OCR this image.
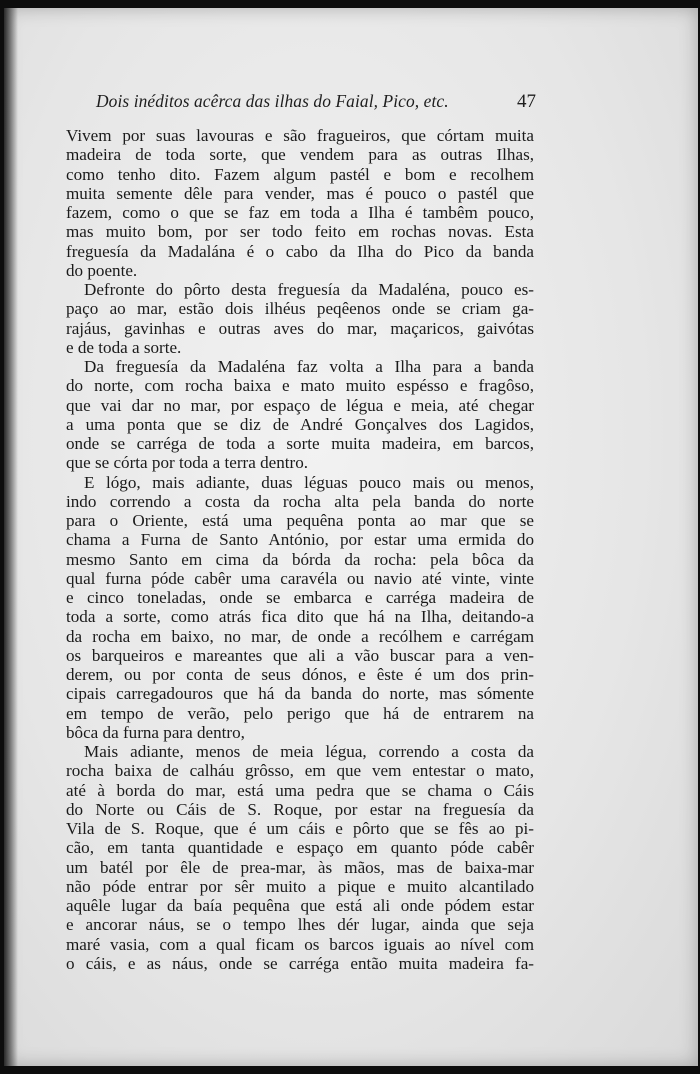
Dois inéditos acêrca das ilhas do Faial, Pico, etc.	47
Vivem por suas lavouras e são fragueiros, que córtam muita
madeira de toda sorte, que vendem para as outras Ilhas,
como tenho dito. Fazem algum pastél e bom e recolhem
muita semente dêle para vender, mas é pouco o pastél que
fazem, como o que se faz em toda a Ilha é tambêm pouco,
mas muito bom, por ser todo feito em rochas novas. Esta
freguesía da Madalána é o cabo da Ilha do Pico da banda
do poente.
Defronte do pôrto desta freguesía da Madaléna, pouco es-
paço ao mar, estão dois ilhéus peqêenos onde se criam ga-
rajáus, gavinhas e outras aves do mar, maçaricos, gaivótas
e de toda a sorte.
Da freguesía da Madaléna faz volta a Ilha para a banda
do norte, com rocha baixa e mato muito espésso e fragôso,
que vai dar no mar, por espaço de légua e meia, até chegar
a uma ponta que se diz de André Gonçalves dos Lagidos,
onde se carréga de toda a sorte muita madeira, em barcos,
que se córta por toda a terra dentro.
E lógo, mais adiante, duas léguas pouco mais ou menos,
indo correndo a costa da rocha alta pela banda do norte
para o Oriente, está uma pequêna ponta ao mar que se
chama a Furna de Santo António, por estar uma ermida do
mesmo Santo em cima da bórda da rocha: pela bôca da
qual furna póde cabêr uma caravéla ou navio até vinte, vinte
e cinco toneladas, onde se embarca e carréga madeira de
toda a sorte, como atrás fica dito que há na Ilha, deitando-a
da rocha em baixo, no mar, de onde a recólhem e carrégam
os barqueiros e mareantes que ali a vão buscar para a ven-
derem, ou por conta de seus dónos, e êste é um dos prin-
cipais carregadouros que há da banda do norte, mas sómente
em tempo de verão, pelo perigo que há de entrarem na
bôca da furna para dentro,
Mais adiante, menos de meia légua, correndo a costa da
rocha baixa de calháu grôsso, em que vem entestar o mato,
até à borda do mar, está uma pedra que se chama o Cáis
do Norte ou Cáis de S. Roque, por estar na freguesía da
Vila de S. Roque, que é um cáis e pôrto que se fês ao pi-
cão, em tanta quantidade e espaço em quanto póde cabêr
um batél por êle de prea-mar, às mãos, mas de baixa-mar
não póde entrar por sêr muito a pique e muito alcantilado
aquêle lugar da baía pequêna que está ali onde pódem estar
e ancorar náus, se o tempo lhes dér lugar, ainda que seja
maré vasia, com a qual ficam os barcos iguais ao nível com
o cáis, e as náus, onde se carréga então muita madeira fa-
